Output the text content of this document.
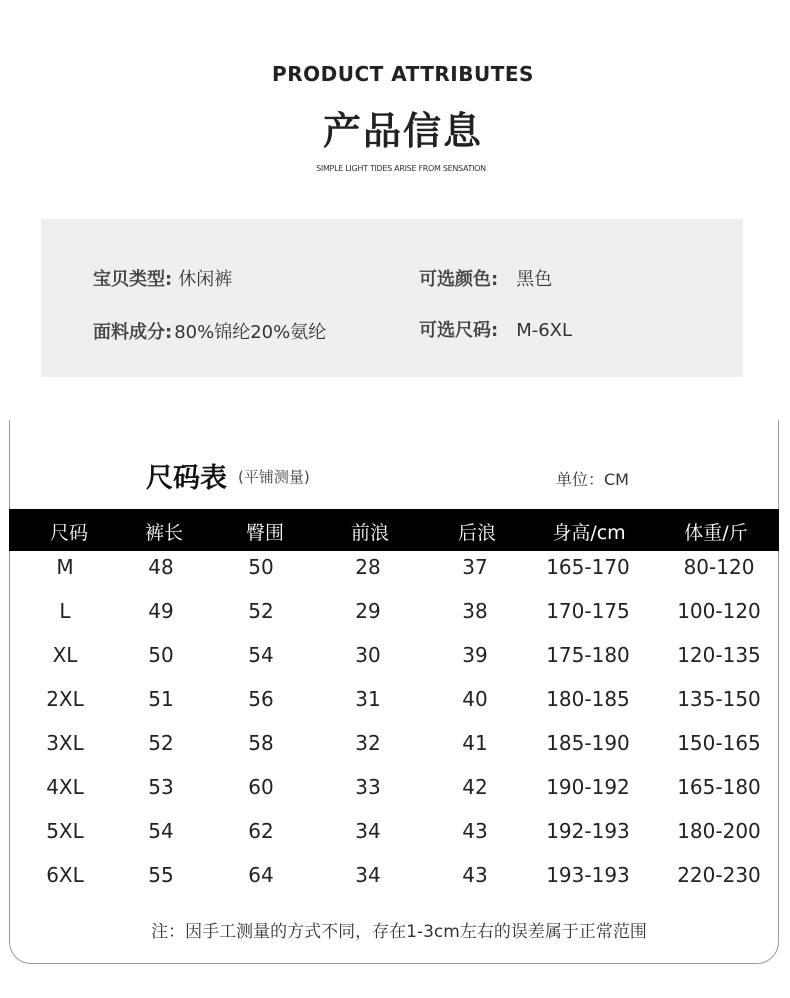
PRODUCT ATTRIBUTES
产品信息
SIMPLE LIGHT TIDES ARISE FROM SENSATION
宝贝类型: 休闲裤	可选颜色: 黑色
面料成分: 80%锦纶20%氨纶	可选尺码: M-6XL
尺码表 (平铺测量)	单位：CM
尺码	裤长	臀围	前浪	后浪	身高/cm	体重/斤
M	48	50	28	37	165-170	80-120
L	49	52	29	38	170-175	100-120
XL	50	54	30	39	175-180	120-135
2XL	51	56	31	40	180-185	135-150
3XL	52	58	32	41	185-190	150-165
4XL	53	60	33	42	190-192	165-180
5XL	54	62	34	43	192-193	180-200
6XL	55	64	34	43	193-193	220-230
注：因手工测量的方式不同，存在1-3cm左右的误差属于正常范围
